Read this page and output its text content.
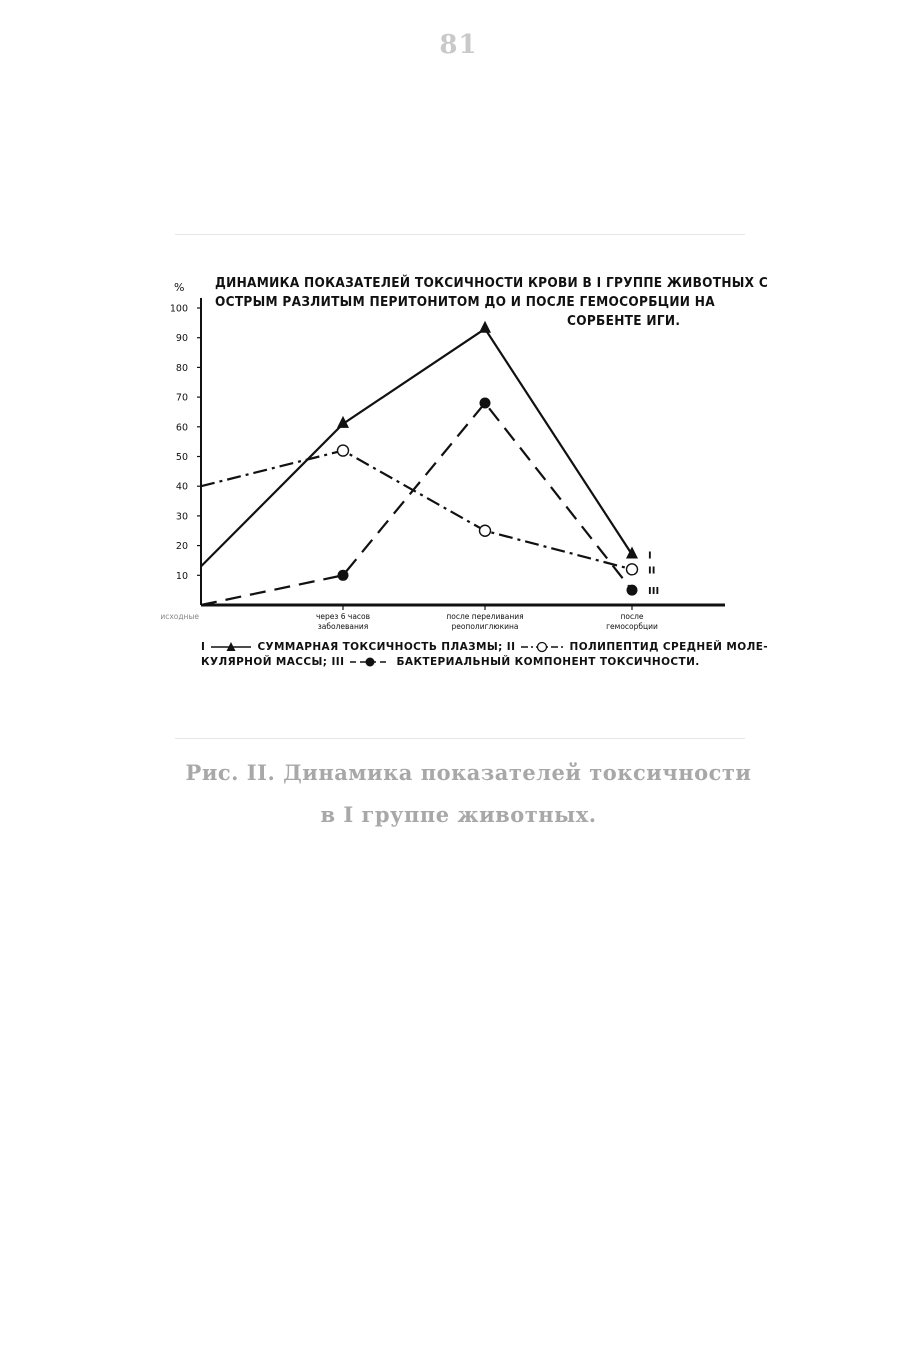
81
ДИНАМИКА ПОКАЗАТЕЛЕЙ ТОКСИЧНОСТИ КРОВИ В I ГРУППЕ ЖИВОТНЫХ С
ОСТРЫМ РАЗЛИТЫМ ПЕРИТОНИТОМ ДО И ПОСЛЕ ГЕМОСОРБЦИИ НА
СОРБЕНТЕ ИГИ.
%
10
20
30
40
50
60
70
80
90
100
исходные	через 6 часов
заболевания
после переливания
реополиглюкина
после
гемосорбции
I
II
III
I	СУММАРНАЯ ТОКСИЧНОСТЬ ПЛАЗМЫ; II	ПОЛИПЕПТИД СРЕДНЕЙ МОЛЕ-
КУЛЯРНОЙ МАССЫ; III	БАКТЕРИАЛЬНЫЙ КОМПОНЕНТ ТОКСИЧНОСТИ.
Рис. II. Динамика показателей токсичности
в I группе животных.
